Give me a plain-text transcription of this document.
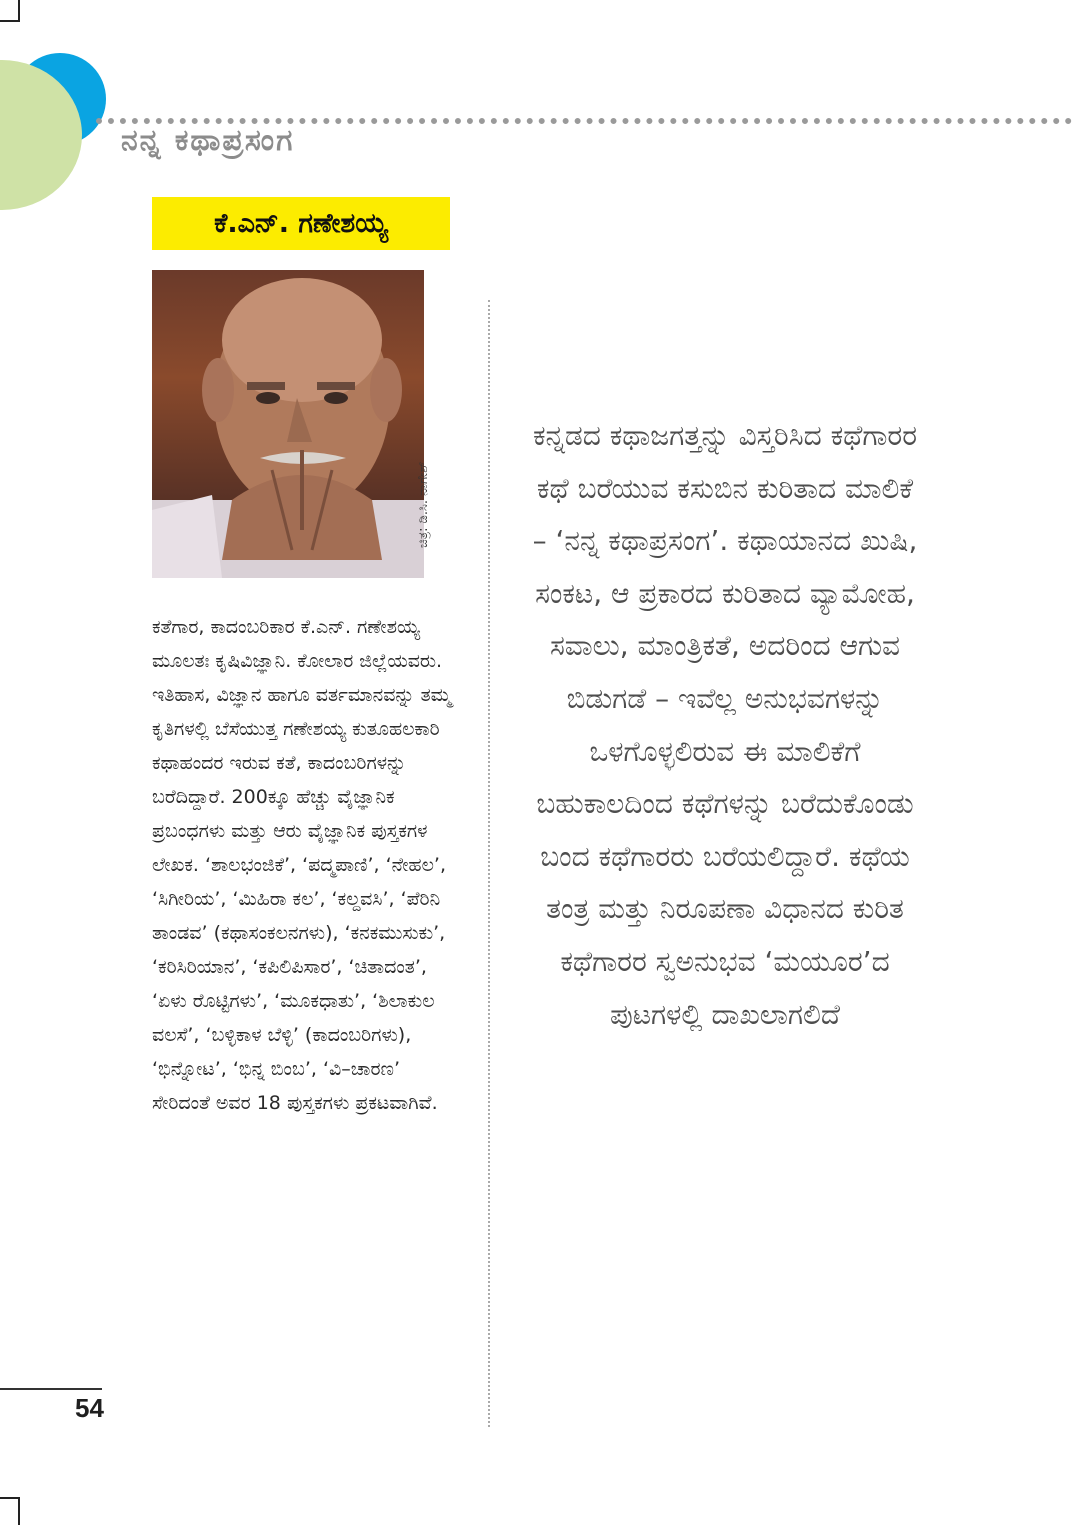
ನನ್ನ ಕಥಾಪ್ರಸಂಗ
ಕೆ.ಎನ್. ಗಣೇಶಯ್ಯ
ಚಿತ್ರ: ಡಿ.ಸಿ. ನಾಗೇಶ್

ಕತೆಗಾರ, ಕಾದಂಬರಿಕಾರ ಕೆ.ಎನ್. ಗಣೇಶಯ್ಯ ಮೂಲತಃ ಕೃಷಿವಿಜ್ಞಾನಿ. ಕೋಲಾರ ಜಿಲ್ಲೆಯವರು. ಇತಿಹಾಸ, ವಿಜ್ಞಾನ ಹಾಗೂ ವರ್ತಮಾನವನ್ನು ತಮ್ಮ ಕೃತಿಗಳಲ್ಲಿ ಬೆಸೆಯುತ್ತ ಗಣೇಶಯ್ಯ ಕುತೂಹಲಕಾರಿ ಕಥಾಹಂದರ ಇರುವ ಕತೆ, ಕಾದಂಬರಿಗಳನ್ನು ಬರೆದಿದ್ದಾರೆ. 200ಕ್ಕೂ ಹೆಚ್ಚು ವೈಜ್ಞಾನಿಕ ಪ್ರಬಂಧಗಳು ಮತ್ತು ಆರು ವೈಜ್ಞಾನಿಕ ಪುಸ್ತಕಗಳ ಲೇಖಕ. ‘ಶಾಲಭಂಜಿಕೆ’, ‘ಪದ್ಮಪಾಣಿ’, ‘ನೇಹಲ’, ‘ಸಿಗೀರಿಯ’, ‘ಮಿಹಿರಾ ಕಲ’, ‘ಕಲ್ದವಸಿ’, ‘ಪೆರಿನಿ ತಾಂಡವ’ (ಕಥಾಸಂಕಲನಗಳು), ‘ಕನಕಮುಸುಕು’, ‘ಕರಿಸಿರಿಯಾನ’, ‘ಕಪಿಲಿಪಿಸಾರ’, ‘ಚಿತಾದಂತ’, ‘ಏಳು ರೊಟ್ಟಿಗಳು’, ‘ಮೂಕಧಾತು’, ‘ಶಿಲಾಕುಲ ವಲಸೆ’, ‘ಬಳ್ಳಿಕಾಳ ಬೆಳ್ಳಿ’ (ಕಾದಂಬರಿಗಳು), ‘ಭಿನ್ನೋಟ’, ‘ಭಿನ್ನ ಬಿಂಬ’, ‘ವಿ–ಚಾರಣ’ ಸೇರಿದಂತೆ ಅವರ 18 ಪುಸ್ತಕಗಳು ಪ್ರಕಟವಾಗಿವೆ.

ಕನ್ನಡದ ಕಥಾಜಗತ್ತನ್ನು ವಿಸ್ತರಿಸಿದ ಕಥೆಗಾರರ ಕಥೆ ಬರೆಯುವ ಕಸುಬಿನ ಕುರಿತಾದ ಮಾಲಿಕೆ – ‘ನನ್ನ ಕಥಾಪ್ರಸಂಗ’. ಕಥಾಯಾನದ ಖುಷಿ, ಸಂಕಟ, ಆ ಪ್ರಕಾರದ ಕುರಿತಾದ ವ್ಯಾಮೋಹ, ಸವಾಲು, ಮಾಂತ್ರಿಕತೆ, ಅದರಿಂದ ಆಗುವ ಬಿಡುಗಡೆ – ಇವೆಲ್ಲ ಅನುಭವಗಳನ್ನು ಒಳಗೊಳ್ಳಲಿರುವ ಈ ಮಾಲಿಕೆಗೆ ಬಹುಕಾಲದಿಂದ ಕಥೆಗಳನ್ನು ಬರೆದುಕೊಂಡು ಬಂದ ಕಥೆಗಾರರು ಬರೆಯಲಿದ್ದಾರೆ. ಕಥೆಯ ತಂತ್ರ ಮತ್ತು ನಿರೂಪಣಾ ವಿಧಾನದ ಕುರಿತ ಕಥೆಗಾರರ ಸ್ವಅನುಭವ ‘ಮಯೂರ’ದ ಪುಟಗಳಲ್ಲಿ ದಾಖಲಾಗಲಿದೆ

54
